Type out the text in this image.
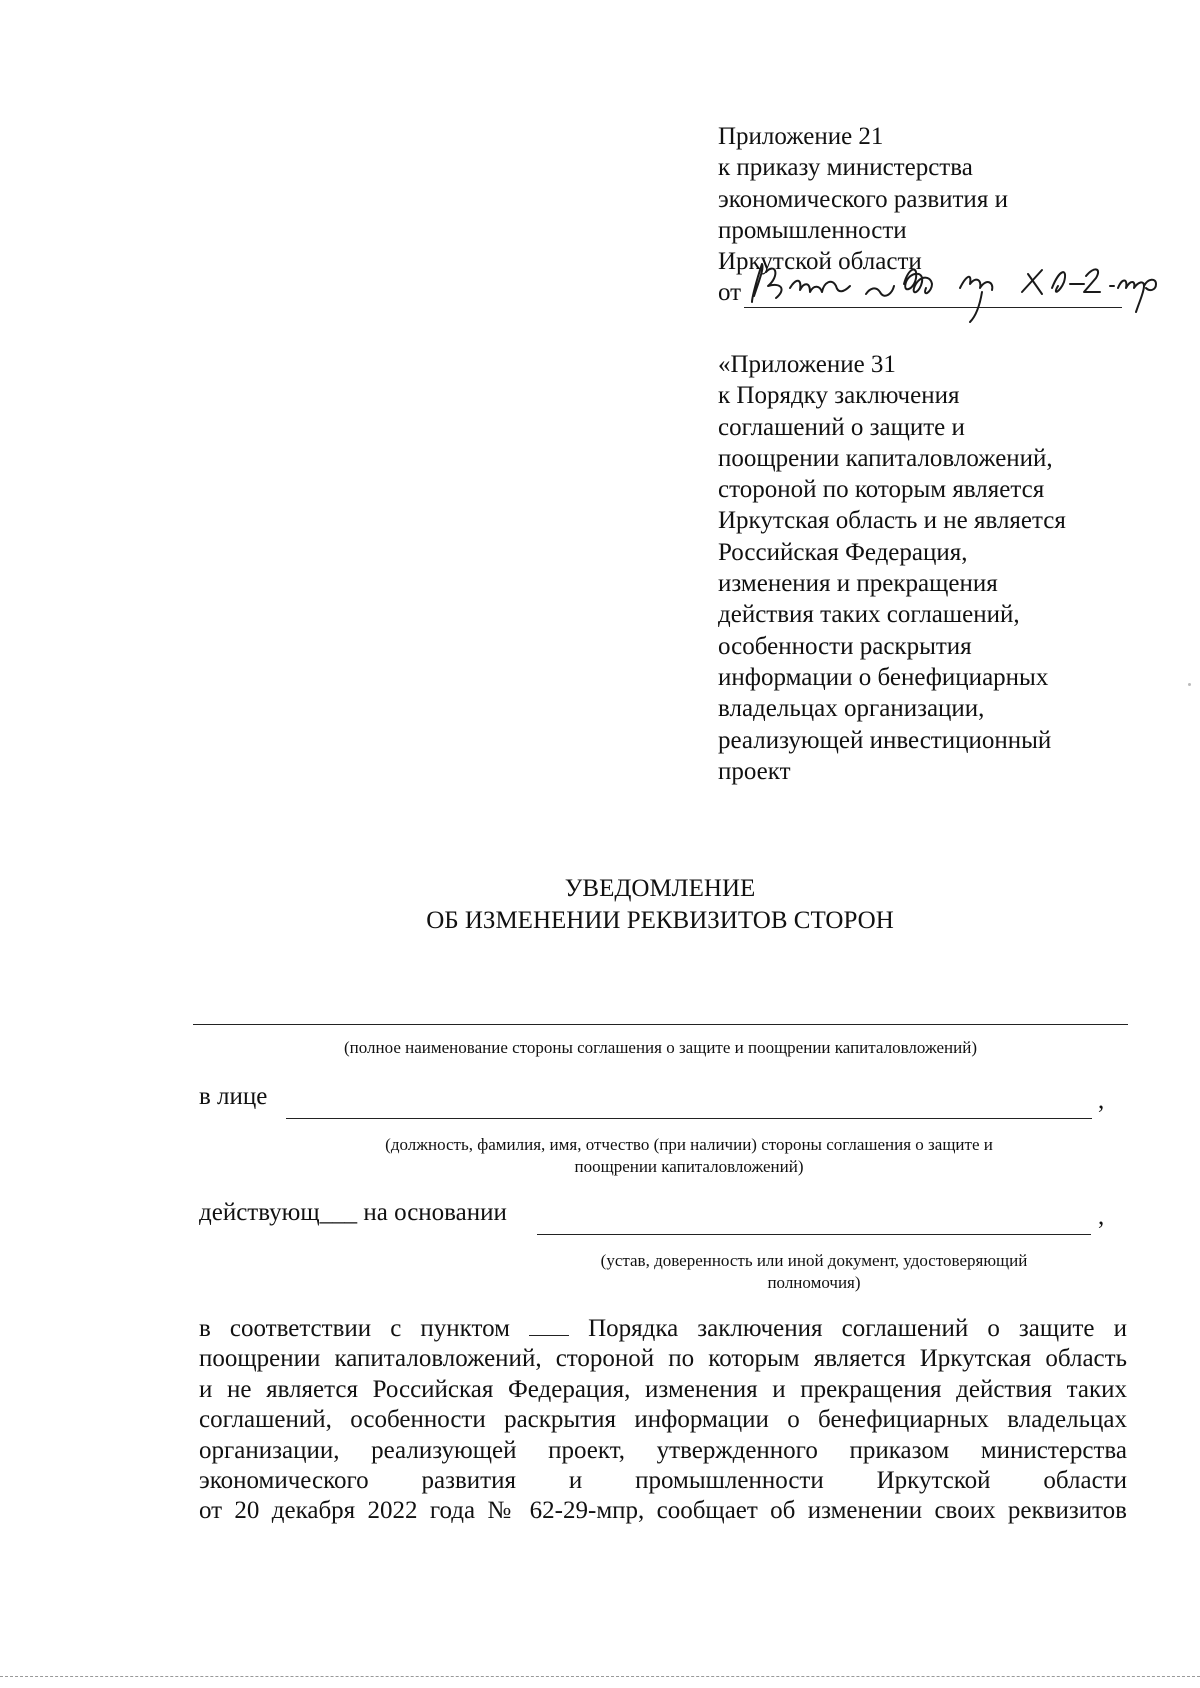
Приложение 21
к приказу министерства
экономического развития и
промышленности
Иркутской области
от
«Приложение 31
к Порядку заключения
соглашений о защите и
поощрении капиталовложений,
стороной по которым является
Иркутская область и не является
Российская Федерация,
изменения и прекращения
действия таких соглашений,
особенности раскрытия
информации о бенефициарных
владельцах организации,
реализующей инвестиционный
проект
УВЕДОМЛЕНИЕ
ОБ ИЗМЕНЕНИИ РЕКВИЗИТОВ СТОРОН
(полное наименование стороны соглашения о защите и поощрении капиталовложений)
в лице	,
(должность, фамилия, имя, отчество (при наличии) стороны соглашения о защите и
поощрении капиталовложений)
действующ___ на основании	,
(устав, доверенность или иной документ, удостоверяющий
полномочия)
в соответствии с пунктом	Порядка заключения соглашений о защите и
поощрении капиталовложений, стороной по которым является Иркутская область
и не является Российская Федерация, изменения и прекращения действия таких
соглашений, особенности раскрытия информации о бенефициарных владельцах
организации, реализующей проект, утвержденного приказом министерства
экономического развития и промышленности Иркутской области
от 20 декабря 2022 года № 62-29-мпр, сообщает об изменении своих реквизитов
